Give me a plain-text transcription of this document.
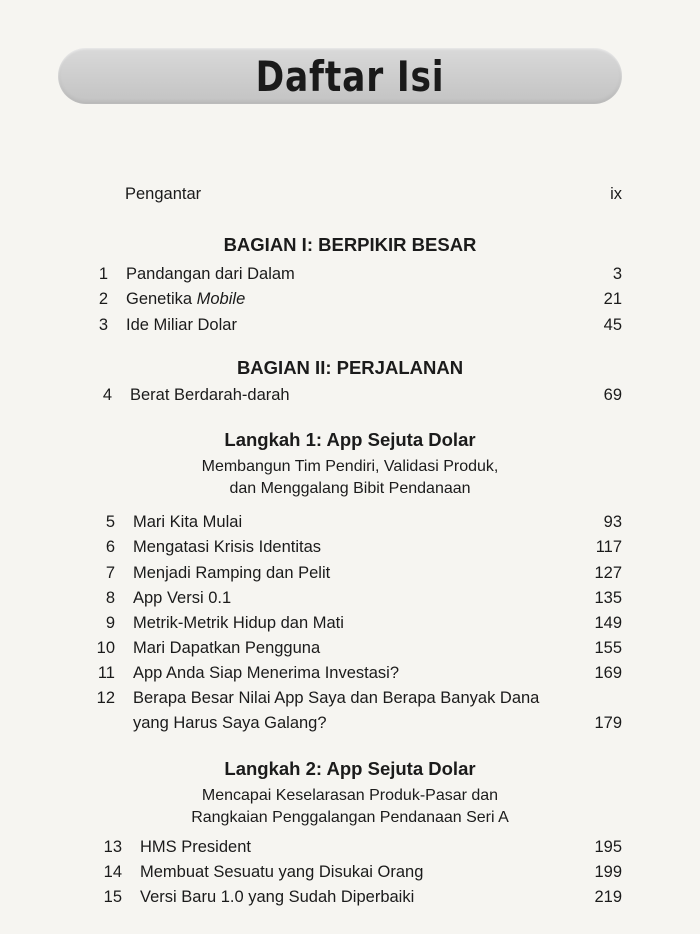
Daftar Isi
Pengantar	ix
BAGIAN I: BERPIKIR BESAR
1 Pandangan dari Dalam	3
2 Genetika Mobile	21
3 Ide Miliar Dolar	45
BAGIAN II: PERJALANAN
4 Berat Berdarah-darah	69
Langkah 1: App Sejuta Dolar
Membangun Tim Pendiri, Validasi Produk,
dan Menggalang Bibit Pendanaan
5 Mari Kita Mulai	93
6 Mengatasi Krisis Identitas	117
7 Menjadi Ramping dan Pelit	127
8 App Versi 0.1	135
9 Metrik-Metrik Hidup dan Mati	149
10 Mari Dapatkan Pengguna	155
11 App Anda Siap Menerima Investasi?	169
12 Berapa Besar Nilai App Saya dan Berapa Banyak Dana
yang Harus Saya Galang?	179
Langkah 2: App Sejuta Dolar
Mencapai Keselarasan Produk-Pasar dan
Rangkaian Penggalangan Pendanaan Seri A
13 HMS President	195
14 Membuat Sesuatu yang Disukai Orang	199
15 Versi Baru 1.0 yang Sudah Diperbaiki	219
